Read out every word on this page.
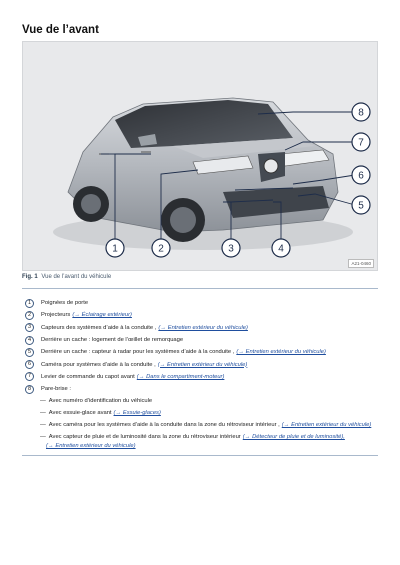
Vue de l’avant
1	2	3	4
5
6
7
8
A21-0460
Fig. 1 Vue de l’avant du véhicule
1	Poignées de porte
2	Projecteurs (→ Éclairage extérieur)
3	Capteurs des systèmes d’aide à la conduite , (→ Entretien extérieur du véhicule)
4	Derrière un cache : logement de l’œillet de remorquage
5	Derrière un cache : capteur à radar pour les systèmes d’aide à la conduite , (→ Entretien extérieur du véhicule)
6	Caméra pour systèmes d’aide à la conduite , (→ Entretien extérieur du véhicule)
7	Levier de commande du capot avant (→ Dans le compartiment-moteur)
8	Pare-brise :
— Avec numéro d’identification du véhicule
— Avec essuie-glace avant (→ Essuie-glaces)
— Avec caméra pour les systèmes d’aide à la conduite dans la zone du rétroviseur intérieur , (→ Entretien extérieur du véhicule)
— Avec capteur de pluie et de luminosité dans la zone du rétroviseur intérieur (→ Détecteur de pluie et de luminosité),
(→ Entretien extérieur du véhicule)
